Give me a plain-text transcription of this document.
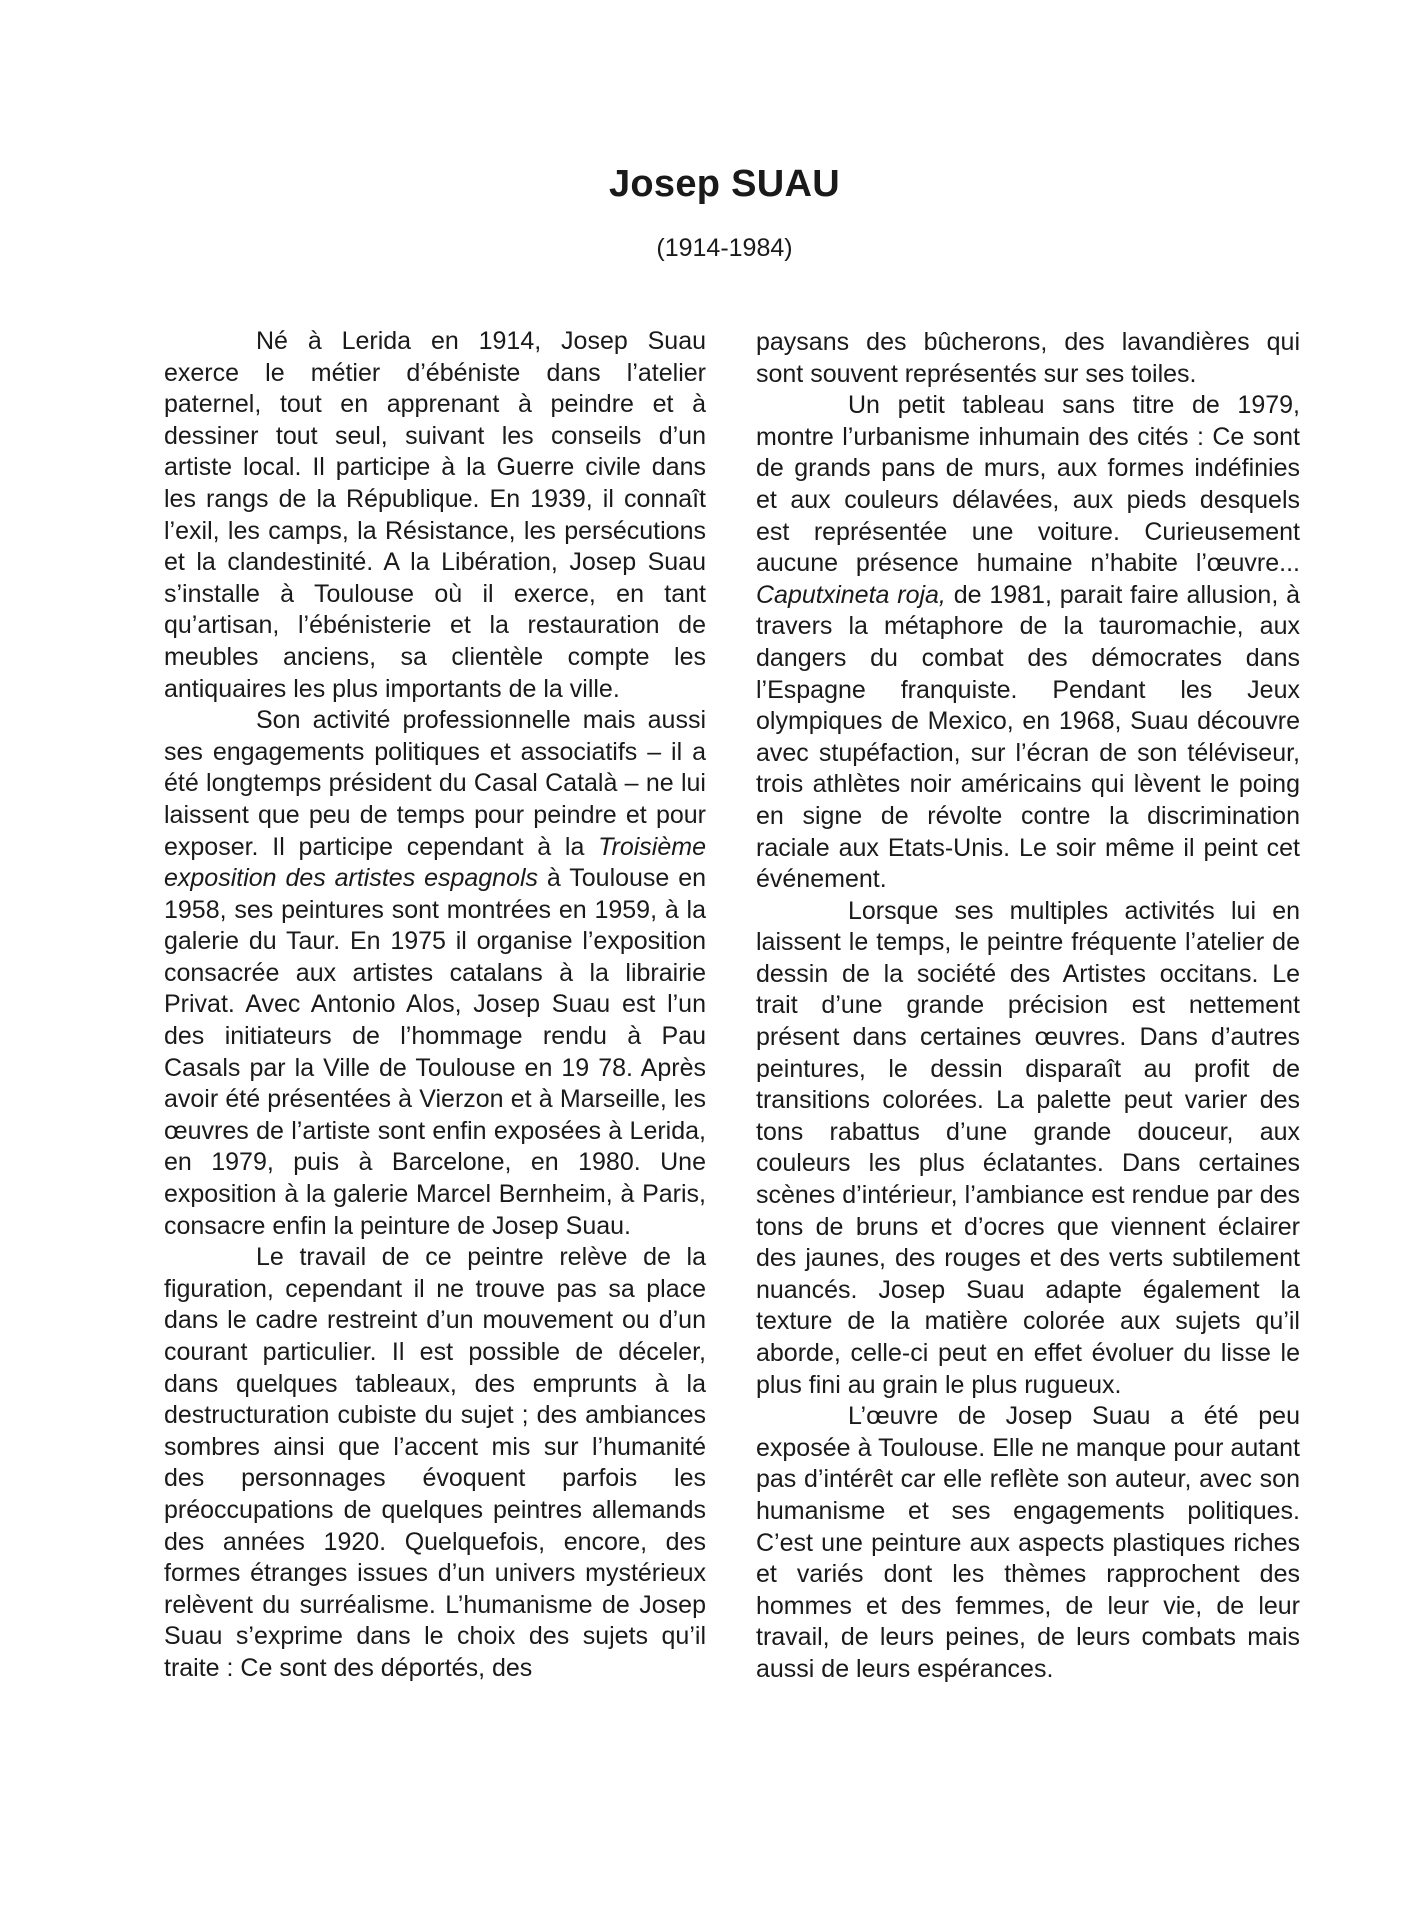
Josep SUAU
(1914-1984)

Né à Lerida en 1914, Josep Suau exerce le métier d’ébéniste dans l’atelier paternel, tout en apprenant à peindre et à dessiner tout seul, suivant les conseils d’un artiste local. Il participe à la Guerre civile dans les rangs de la République. En 1939, il connaît l’exil, les camps, la Résistance, les persécutions et la clandestinité. A la Libération, Josep Suau s’installe à Toulouse où il exerce, en tant qu’artisan, l’ébénisterie et la restauration de meubles anciens, sa clientèle compte les antiquaires les plus importants de la ville.

Son activité professionnelle mais aussi ses engagements politiques et associatifs – il a été longtemps président du Casal Català – ne lui laissent que peu de temps pour peindre et pour exposer. Il participe cependant à la Troisième exposition des artistes espagnols à Toulouse en 1958, ses peintures sont montrées en 1959, à la galerie du Taur. En 1975 il organise l’exposition consacrée aux artistes catalans à la librairie Privat. Avec Antonio Alos, Josep Suau est l’un des initiateurs de l’hommage rendu à Pau Casals par la Ville de Toulouse en 19 78. Après avoir été présentées à Vierzon et à Marseille, les œuvres de l’artiste sont enfin exposées à Lerida, en 1979, puis à Barcelone, en 1980. Une exposition à la galerie Marcel Bernheim, à Paris, consacre enfin la peinture de Josep Suau.

Le travail de ce peintre relève de la figuration, cependant il ne trouve pas sa place dans le cadre restreint d’un mouvement ou d’un courant particulier. Il est possible de déceler, dans quelques tableaux, des emprunts à la destructuration cubiste du sujet ; des ambiances sombres ainsi que l’accent mis sur l’humanité des personnages évoquent parfois les préoccupations de quelques peintres allemands des années 1920. Quelquefois, encore, des formes étranges issues d’un univers mystérieux relèvent du surréalisme. L’humanisme de Josep Suau s’exprime dans le choix des sujets qu’il traite : Ce sont des déportés, des

paysans des bûcherons, des lavandières qui sont souvent représentés sur ses toiles.

Un petit tableau sans titre de 1979, montre l’urbanisme inhumain des cités : Ce sont de grands pans de murs, aux formes indéfinies et aux couleurs délavées, aux pieds desquels est représentée une voiture. Curieusement aucune présence humaine n’habite l’œuvre... Caputxineta roja, de 1981, parait faire allusion, à travers la métaphore de la tauromachie, aux dangers du combat des démocrates dans l’Espagne franquiste. Pendant les Jeux olympiques de Mexico, en 1968, Suau découvre avec stupéfaction, sur l’écran de son téléviseur, trois athlètes noir américains qui lèvent le poing en signe de révolte contre la discrimination raciale aux Etats-Unis. Le soir même il peint cet événement.

Lorsque ses multiples activités lui en laissent le temps, le peintre fréquente l’atelier de dessin de la société des Artistes occitans. Le trait d’une grande précision est nettement présent dans certaines œuvres. Dans d’autres peintures, le dessin disparaît au profit de transitions colorées. La palette peut varier des tons rabattus d’une grande douceur, aux couleurs les plus éclatantes. Dans certaines scènes d’intérieur, l’ambiance est rendue par des tons de bruns et d’ocres que viennent éclairer des jaunes, des rouges et des verts subtilement nuancés. Josep Suau adapte également la texture de la matière colorée aux sujets qu’il aborde, celle-ci peut en effet évoluer du lisse le plus fini au grain le plus rugueux.

L’œuvre de Josep Suau a été peu exposée à Toulouse. Elle ne manque pour autant pas d’intérêt car elle reflète son auteur, avec son humanisme et ses engagements politiques. C’est une peinture aux aspects plastiques riches et variés dont les thèmes rapprochent des hommes et des femmes, de leur vie, de leur travail, de leurs peines, de leurs combats mais aussi de leurs espérances.
